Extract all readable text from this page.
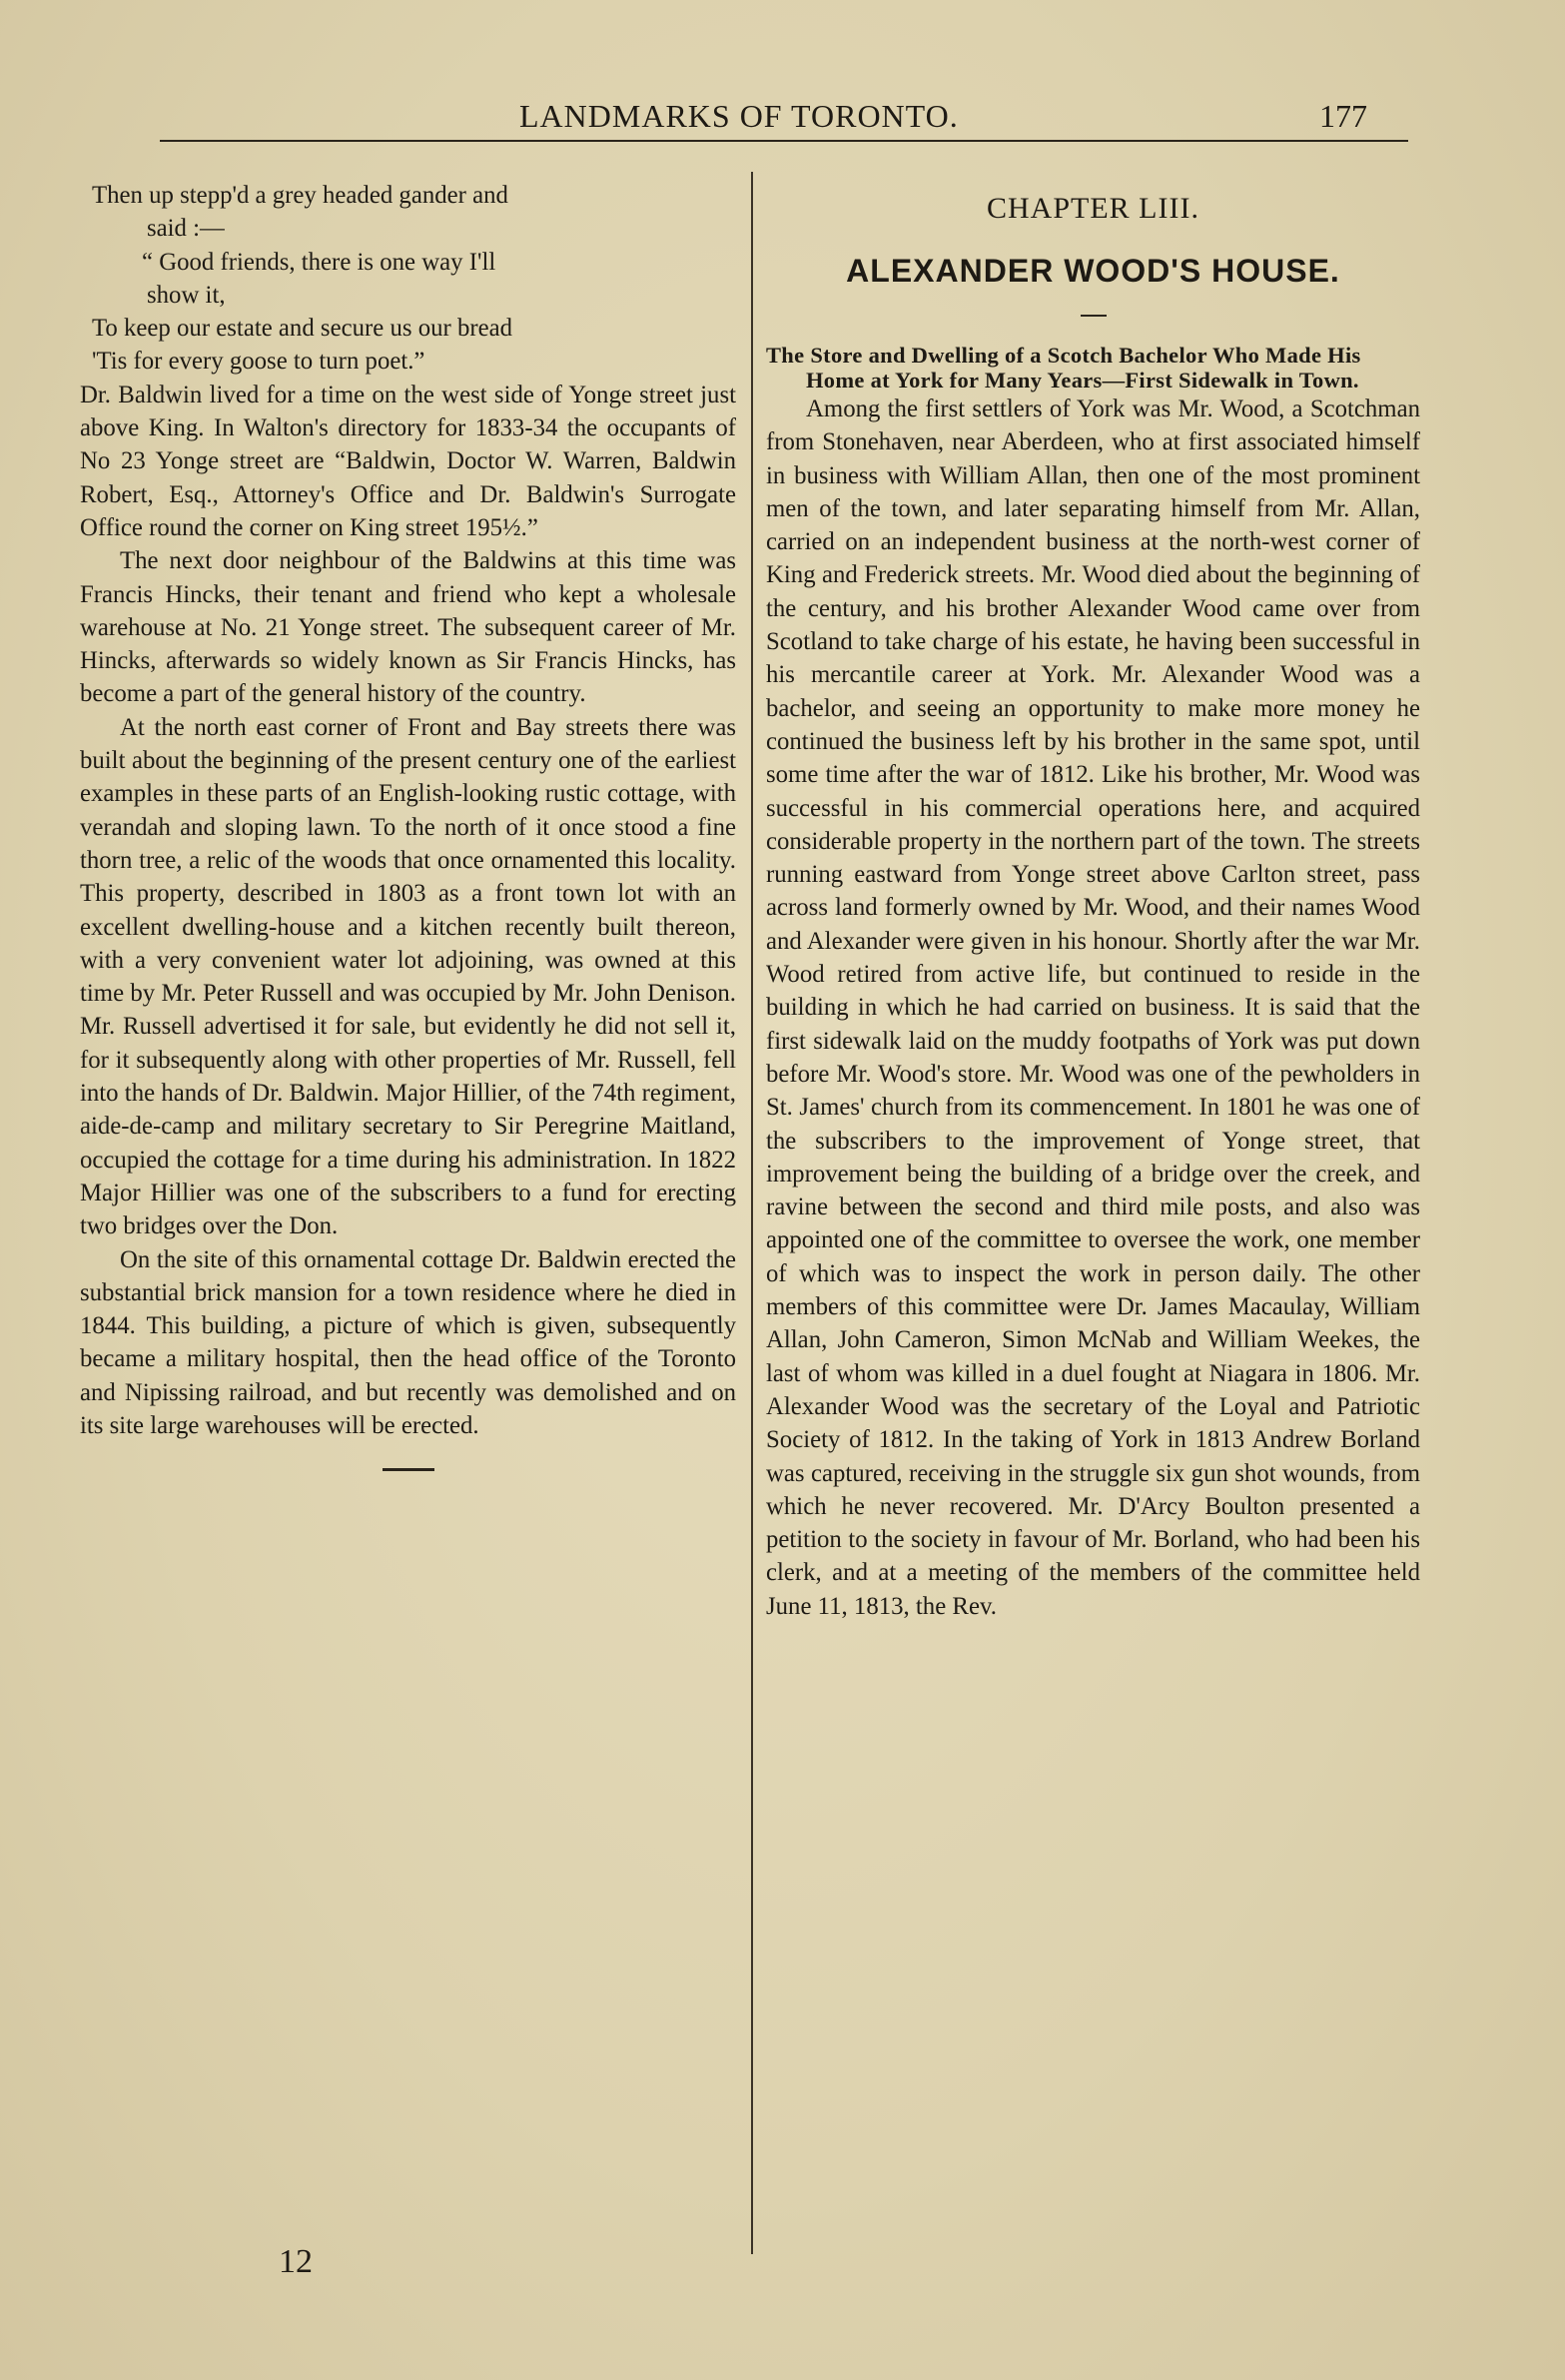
LANDMARKS OF TORONTO.	177
Then up stepp'd a grey headed gander and
said :—
“ Good friends, there is one way I'll
show it,
To keep our estate and secure us our bread
'Tis for every goose to turn poet.”

Dr. Baldwin lived for a time on the west side of Yonge street just above King. In Walton's directory for 1833-34 the occupants of No 23 Yonge street are “Baldwin, Doctor W. Warren, Baldwin Robert, Esq., Attorney's Office and Dr. Baldwin's Surrogate Office round the corner on King street 195½.”

The next door neighbour of the Baldwins at this time was Francis Hincks, their tenant and friend who kept a wholesale warehouse at No. 21 Yonge street. The subsequent career of Mr. Hincks, afterwards so widely known as Sir Francis Hincks, has become a part of the general history of the country.

At the north east corner of Front and Bay streets there was built about the beginning of the present century one of the earliest examples in these parts of an English-looking rustic cottage, with verandah and sloping lawn. To the north of it once stood a fine thorn tree, a relic of the woods that once ornamented this locality. This property, described in 1803 as a front town lot with an excellent dwelling-house and a kitchen recently built thereon, with a very convenient water lot adjoining, was owned at this time by Mr. Peter Russell and was occupied by Mr. John Denison. Mr. Russell advertised it for sale, but evidently he did not sell it, for it subsequently along with other properties of Mr. Russell, fell into the hands of Dr. Baldwin. Major Hillier, of the 74th regiment, aide-de-camp and military secretary to Sir Peregrine Maitland, occupied the cottage for a time during his administration. In 1822 Major Hillier was one of the subscribers to a fund for erecting two bridges over the Don.

On the site of this ornamental cottage Dr. Baldwin erected the substantial brick mansion for a town residence where he died in 1844. This building, a picture of which is given, subsequently became a military hospital, then the head office of the Toronto and Nipissing railroad, and but recently was demolished and on its site large warehouses will be erected.

CHAPTER LIII.
ALEXANDER WOOD'S HOUSE.

The Store and Dwelling of a Scotch Bachelor Who Made His Home at York for Many Years—First Sidewalk in Town.

Among the first settlers of York was Mr. Wood, a Scotchman from Stonehaven, near Aberdeen, who at first associated himself in business with William Allan, then one of the most prominent men of the town, and later separating himself from Mr. Allan, carried on an independent business at the north-west corner of King and Frederick streets. Mr. Wood died about the beginning of the century, and his brother Alexander Wood came over from Scotland to take charge of his estate, he having been successful in his mercantile career at York. Mr. Alexander Wood was a bachelor, and seeing an opportunity to make more money he continued the business left by his brother in the same spot, until some time after the war of 1812. Like his brother, Mr. Wood was successful in his commercial operations here, and acquired considerable property in the northern part of the town. The streets running eastward from Yonge street above Carlton street, pass across land formerly owned by Mr. Wood, and their names Wood and Alexander were given in his honour. Shortly after the war Mr. Wood retired from active life, but continued to reside in the building in which he had carried on business. It is said that the first sidewalk laid on the muddy footpaths of York was put down before Mr. Wood's store. Mr. Wood was one of the pewholders in St. James' church from its commencement. In 1801 he was one of the subscribers to the improvement of Yonge street, that improvement being the building of a bridge over the creek, and ravine between the second and third mile posts, and also was appointed one of the committee to oversee the work, one member of which was to inspect the work in person daily. The other members of this committee were Dr. James Macaulay, William Allan, John Cameron, Simon McNab and William Weekes, the last of whom was killed in a duel fought at Niagara in 1806. Mr. Alexander Wood was the secretary of the Loyal and Patriotic Society of 1812. In the taking of York in 1813 Andrew Borland was captured, receiving in the struggle six gun shot wounds, from which he never recovered. Mr. D'Arcy Boulton presented a petition to the society in favour of Mr. Borland, who had been his clerk, and at a meeting of the members of the committee held June 11, 1813, the Rev.

12
